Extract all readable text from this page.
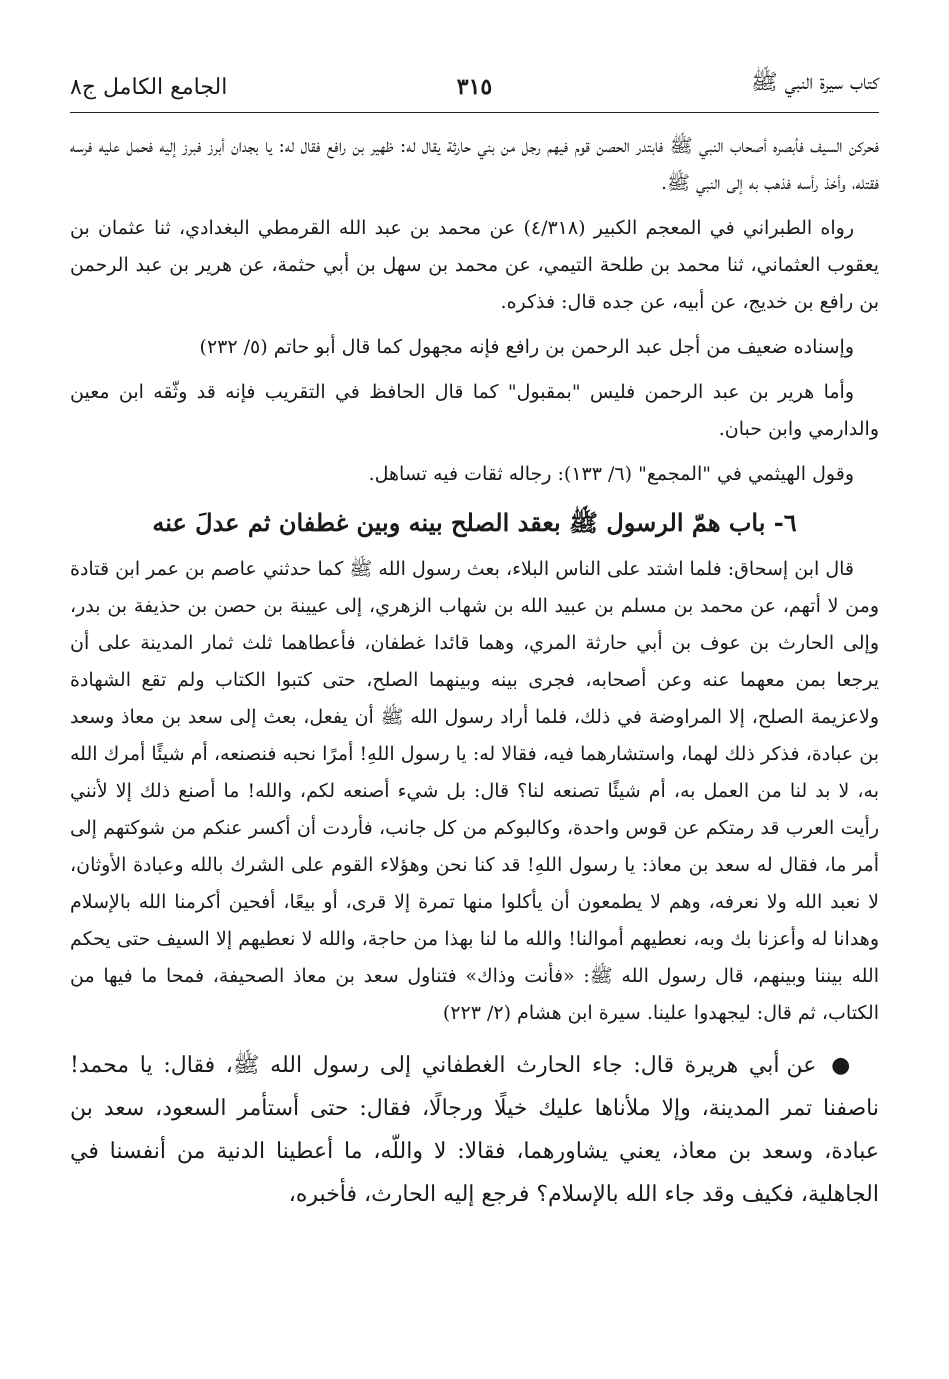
كتاب سيرة النبي ﷺ
٣١٥
الجامع الكامل ج٨

فحركن السيف فأبصره أصحاب النبي ﷺ فابتدر الحصن قوم فيهم رجل من بني حارثة يقال له: ظهير بن رافع فقال له: يا بجدان أبرز فبرز إليه فحمل عليه فرسه فقتله، وأخذ رأسه فذهب به إلى النبي ﷺ.

رواه الطبراني في المعجم الكبير (٤/٣١٨) عن محمد بن عبد الله القرمطي البغدادي، ثنا عثمان بن يعقوب العثماني، ثنا محمد بن طلحة التيمي، عن محمد بن سهل بن أبي حثمة، عن هرير بن عبد الرحمن بن رافع بن خديج، عن أبيه، عن جده قال: فذكره.

وإسناده ضعيف من أجل عبد الرحمن بن رافع فإنه مجهول كما قال أبو حاتم (٥/ ٢٣٢)

وأما هرير بن عبد الرحمن فليس "بمقبول" كما قال الحافظ في التقريب فإنه قد وثّقه ابن معين والدارمي وابن حبان.

وقول الهيثمي في "المجمع" (٦/ ١٣٣): رجاله ثقات فيه تساهل.

٦- باب همّ الرسول ﷺ بعقد الصلح بينه وبين غطفان ثم عدلَ عنه

قال ابن إسحاق: فلما اشتد على الناس البلاء، بعث رسول الله ﷺ كما حدثني عاصم بن عمر ابن قتادة ومن لا أتهم، عن محمد بن مسلم بن عبيد الله بن شهاب الزهري، إلى عيينة بن حصن بن حذيفة بن بدر، وإلى الحارث بن عوف بن أبي حارثة المري، وهما قائدا غطفان، فأعطاهما ثلث ثمار المدينة على أن يرجعا بمن معهما عنه وعن أصحابه، فجرى بينه وبينهما الصلح، حتى كتبوا الكتاب ولم تقع الشهادة ولاعزيمة الصلح، إلا المراوضة في ذلك، فلما أراد رسول الله ﷺ أن يفعل، بعث إلى سعد بن معاذ وسعد بن عبادة، فذكر ذلك لهما، واستشارهما فيه، فقالا له: يا رسول اللهِ! أمرًا نحبه فنصنعه، أم شيئًا أمرك الله به، لا بد لنا من العمل به، أم شيئًا تصنعه لنا؟ قال: بل شيء أصنعه لكم، والله! ما أصنع ذلك إلا لأنني رأيت العرب قد رمتكم عن قوس واحدة، وكالبوكم من كل جانب، فأردت أن أكسر عنكم من شوكتهم إلى أمر ما، فقال له سعد بن معاذ: يا رسول اللهِ! قد كنا نحن وهؤلاء القوم على الشرك بالله وعبادة الأوثان، لا نعبد الله ولا نعرفه، وهم لا يطمعون أن يأكلوا منها تمرة إلا قرى، أو بيعًا، أفحين أكرمنا الله بالإسلام وهدانا له وأعزنا بك وبه، نعطيهم أموالنا! والله ما لنا بهذا من حاجة، والله لا نعطيهم إلا السيف حتى يحكم الله بيننا وبينهم، قال رسول الله ﷺ: «فأنت وذاك» فتناول سعد بن معاذ الصحيفة، فمحا ما فيها من الكتاب، ثم قال: ليجهدوا علينا. سيرة ابن هشام (٢/ ٢٢٣)

● عن أبي هريرة قال: جاء الحارث الغطفاني إلى رسول الله ﷺ، فقال: يا محمد! ناصفنا تمر المدينة، وإلا ملأناها عليك خيلًا ورجالًا، فقال: حتى أستأمر السعود، سعد بن عبادة، وسعد بن معاذ، يعني يشاورهما، فقالا: لا واللّه، ما أعطينا الدنية من أنفسنا في الجاهلية، فكيف وقد جاء الله بالإسلام؟ فرجع إليه الحارث، فأخبره،
